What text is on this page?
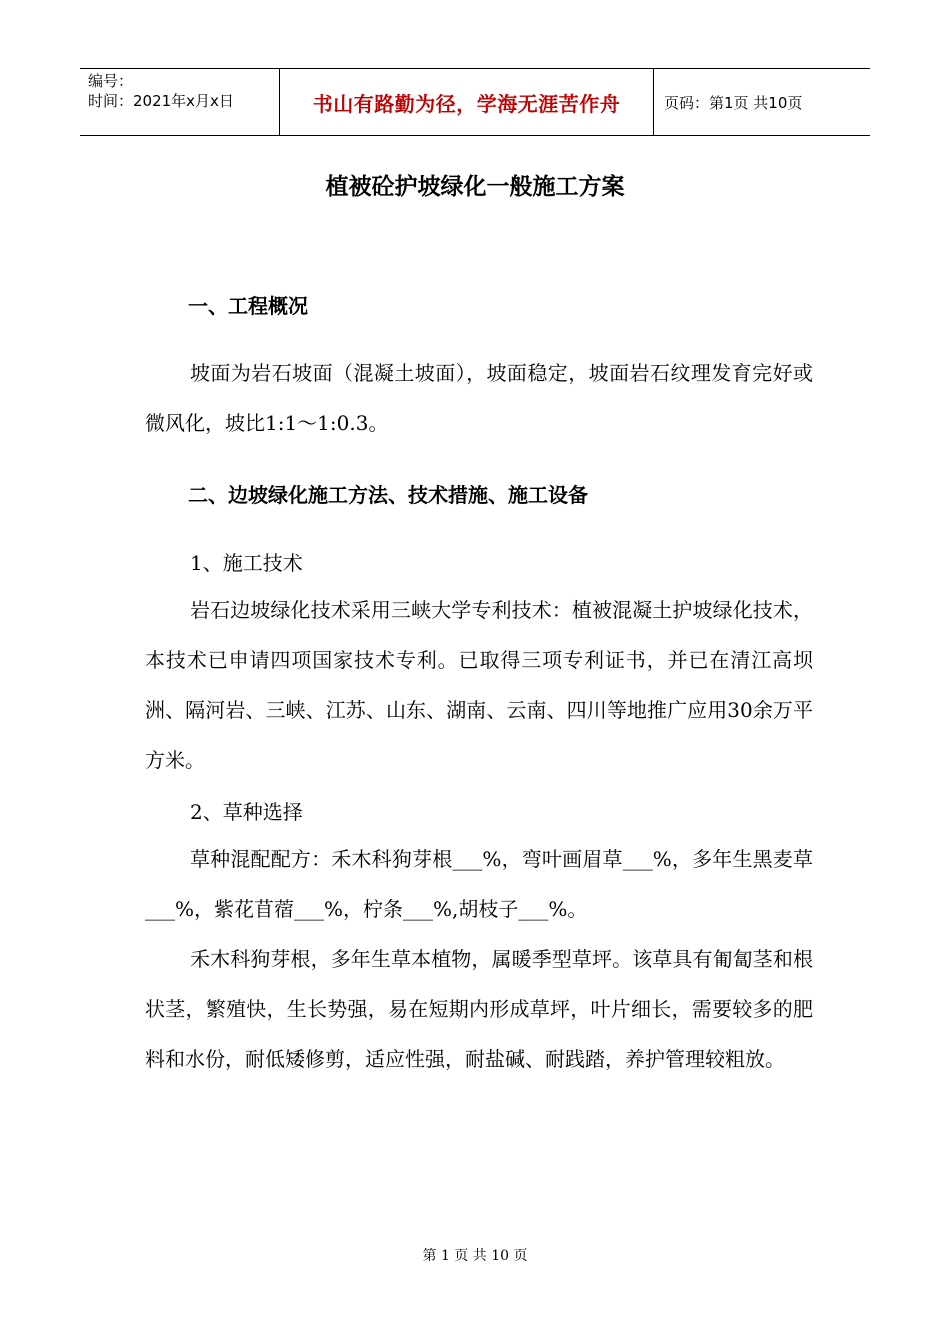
编号：
时间：2021年x月x日	书山有路勤为径，学海无涯苦作舟	页码：第1页 共10页
植被砼护坡绿化一般施工方案
一、工程概况
坡面为岩石坡面（混凝土坡面），坡面稳定，坡面岩石纹理发育完好或微风化，坡比1:1～1:0.3。
二、边坡绿化施工方法、技术措施、施工设备
1、施工技术
岩石边坡绿化技术采用三峡大学专利技术：植被混凝土护坡绿化技术，本技术已申请四项国家技术专利。已取得三项专利证书，并已在清江高坝洲、隔河岩、三峡、江苏、山东、湖南、云南、四川等地推广应用30余万平方米。
2、草种选择
草种混配配方：禾木科狗芽根___%，弯叶画眉草___%，多年生黑麦草___%，紫花苜蓿___%，柠条___%,胡枝子___%。
禾木科狗芽根，多年生草本植物，属暖季型草坪。该草具有匍匐茎和根状茎，繁殖快，生长势强，易在短期内形成草坪，叶片细长，需要较多的肥料和水份，耐低矮修剪，适应性强，耐盐碱、耐践踏，养护管理较粗放。
第 1 页 共 10 页
